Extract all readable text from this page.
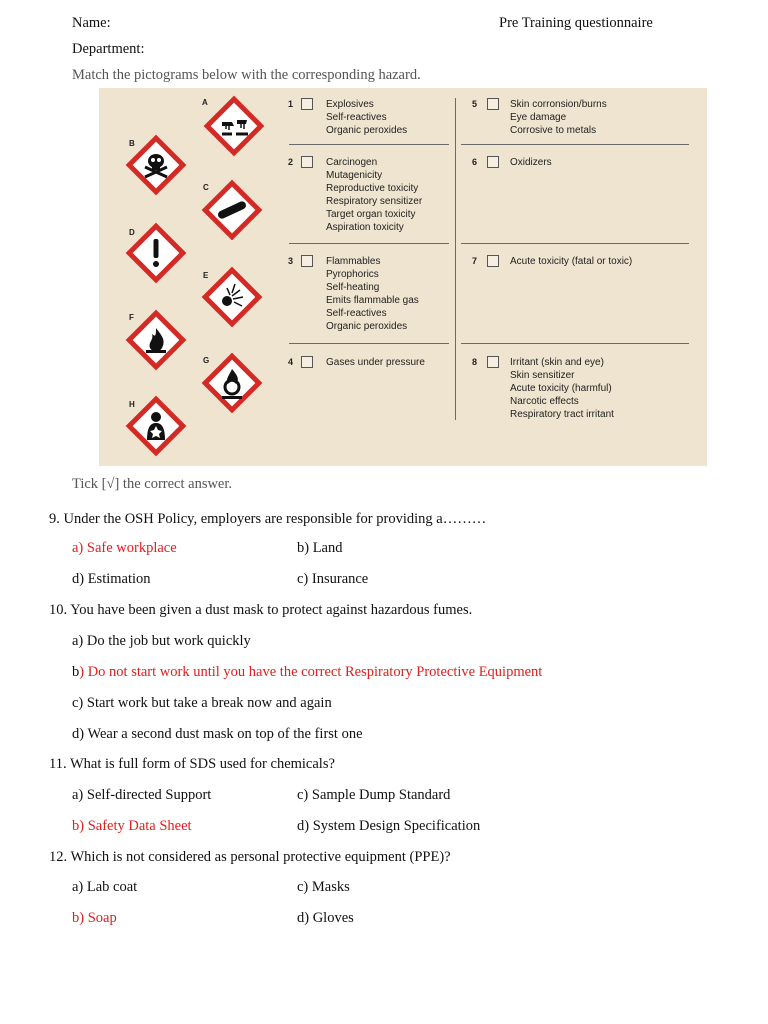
Name:	Pre Training questionnaire
Department:
Match the pictograms below with the corresponding hazard.
A
B
C
D
E
F
G
H
1	Explosives
Self-reactives
Organic peroxides
2	Carcinogen
Mutagenicity
Reproductive toxicity
Respiratory sensitizer
Target organ toxicity
Aspiration toxicity
3	Flammables
Pyrophorics
Self-heating
Emits flammable gas
Self-reactives
Organic peroxides
4	Gases under pressure
5	Skin corronsion/burns
Eye damage
Corrosive to metals
6	Oxidizers
7	Acute toxicity (fatal or toxic)
8	Irritant (skin and eye)
Skin sensitizer
Acute toxicity (harmful)
Narcotic effects
Respiratory tract irritant
Tick [√] the correct answer.
9. Under the OSH Policy, employers are responsible for providing a………
a) Safe workplace	b) Land
d) Estimation	c) Insurance
10. You have been given a dust mask to protect against hazardous fumes.
a) Do the job but work quickly
b) Do not start work until you have the correct Respiratory Protective Equipment
c) Start work but take a break now and again
d) Wear a second dust mask on top of the first one
11. What is full form of SDS used for chemicals?
a) Self-directed Support	c) Sample Dump Standard
b) Safety Data Sheet	d) System Design Specification
12. Which is not considered as personal protective equipment (PPE)?
a) Lab coat	c) Masks
b) Soap	d) Gloves
